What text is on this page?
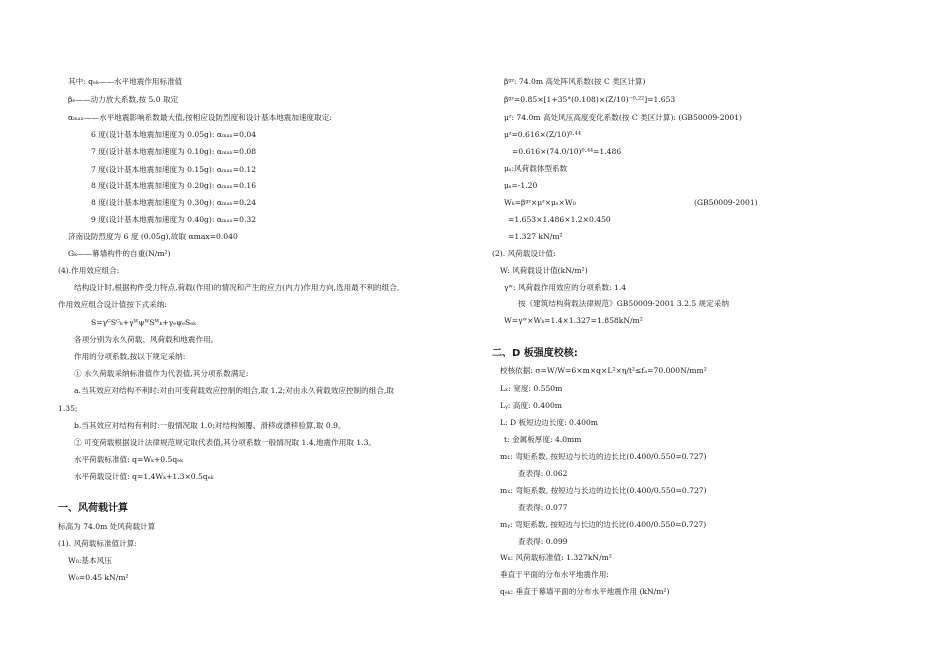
其中: qₑₖ——水平地震作用标准值
βₑ——动力放大系数,按 5.0 取定
αₘₐₓ——水平地震影响系数最大值,按相应设防烈度和设计基本地震加速度取定:
6 度(设计基本地震加速度为 0.05g): αₘₐₓ=0.04
7 度(设计基本地震加速度为 0.10g): αₘₐₓ=0.08
7 度(设计基本地震加速度为 0.15g): αₘₐₓ=0.12
8 度(设计基本地震加速度为 0.20g): αₘₐₓ=0.16
8 度(设计基本地震加速度为 0.30g): αₘₐₓ=0.24
9 度(设计基本地震加速度为 0.40g): αₘₐₓ=0.32
济南设防烈度为 6 度 (0.05g),故取 αmax=0.040
Gₖ——幕墙构件的自重(N/m²)
(4).作用效应组合:
结构设计时,根据构件受力特点,荷载(作用)的情况和产生的应力(内力)作用方向,选用最不利的组合,
作用效应组合设计值按下式采纳:
S=γᴳSᴳₖ+γᵂψᵂSᵂₖ+γₑψₑSₑₖ
各项分别为永久荷载、风荷载和地震作用。
作用的分项系数,按以下规定采纳:
① 永久荷载采纳标准值作为代表值,其分项系数满足:
a.当其效应对结构不利时:对由可变荷载效应控制的组合,取 1.2;对由永久荷载效应控制的组合,取
1.35;
b.当其效应对结构有利时:一般情况取 1.0;对结构倾覆、滑移或漂移验算,取 0.9。
② 可变荷载根据设计法律规范规定取代表值,其分项系数一般情况取 1.4,地震作用取 1.3。
水平荷载标准值: q=Wₖ+0.5qₑₖ
水平荷载设计值: q=1.4Wₖ+1.3×0.5qₑₖ
一、风荷载计算
标高为 74.0m 处风荷载计算
(1). 风荷载标准值计算:
W₀:基本风压
W₀=0.45 kN/m²
βᵍᶻ: 74.0m 高处阵风系数(按 C 类区计算)
βᵍᶻ=0.85×[1+35°(0.108)×(Z/10)⁻⁰·²²]=1.653
μᶻ: 74.0m 高处风压高度变化系数(按 C 类区计算): (GB50009-2001)
μᶻ=0.616×(Z/10)⁰·⁴⁴
=0.616×(74.0/10)⁰·⁴⁴=1.486
μₛ:风荷载体型系数
μₛ=-1.20
Wₖ=βᵍᶻ×μᶻ×μₛ×W₀	(GB50009-2001)
=1.653×1.486×1.2×0.450
=1.327 kN/m²
(2). 风荷载设计值:
W: 风荷载设计值(kN/m²)
γʷ: 风荷载作用效应的分项系数: 1.4
按《建筑结构荷载法律规范》GB50009-2001 3.2.5 规定采纳
W=γʷ×Wₖ=1.4×1.327=1.858kN/m²
二、D 板强度校核:
校核依据: σ=W/W=6×m×q×L²×η/t²≤fₐ=70.000N/mm²
Lₓ: 宽度: 0.550m
Lᵧ: 高度: 0.400m
L: D 板短边边长度: 0.400m
t: 金属板厚度: 4.0mm
m₁: 弯矩系数, 按短边与长边的边长比(0.400/0.550=0.727)
查表得: 0.062
mₓ: 弯矩系数, 按短边与长边的边长比(0.400/0.550=0.727)
查表得: 0.077
mᵧ: 弯矩系数, 按短边与长边的边长比(0.400/0.550=0.727)
查表得: 0.099
Wₖ: 风荷载标准值: 1.327kN/m²
垂直于平面的分布水平地震作用:
qₑₖ: 垂直于幕墙平面的分布水平地震作用 (kN/m²)
